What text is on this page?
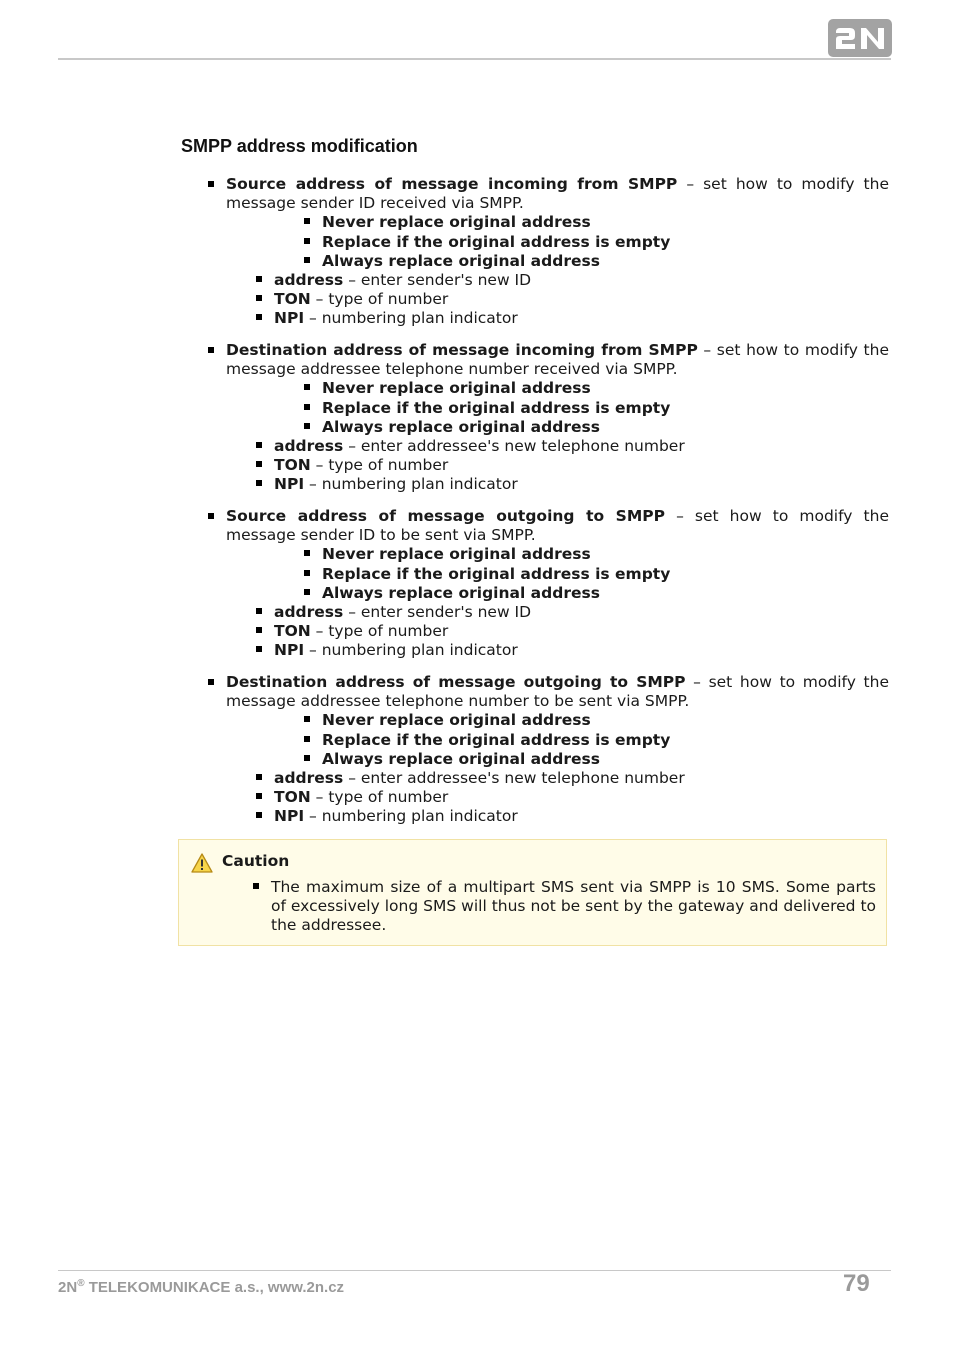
SMPP address modification
Source address of message incoming from SMPP – set how to modify the message sender ID received via SMPP.
Never replace original address
Replace if the original address is empty
Always replace original address
address – enter sender's new ID
TON – type of number
NPI – numbering plan indicator
Destination address of message incoming from SMPP – set how to modify the message addressee telephone number received via SMPP.
Never replace original address
Replace if the original address is empty
Always replace original address
address – enter addressee's new telephone number
TON – type of number
NPI – numbering plan indicator
Source address of message outgoing to SMPP – set how to modify the message sender ID to be sent via SMPP.
Never replace original address
Replace if the original address is empty
Always replace original address
address – enter sender's new ID
TON – type of number
NPI – numbering plan indicator
Destination address of message outgoing to SMPP – set how to modify the message addressee telephone number to be sent via SMPP.
Never replace original address
Replace if the original address is empty
Always replace original address
address – enter addressee's new telephone number
TON – type of number
NPI – numbering plan indicator
Caution
The maximum size of a multipart SMS sent via SMPP is 10 SMS. Some parts of excessively long SMS will thus not be sent by the gateway and delivered to the addressee.
2N® TELEKOMUNIKACE a.s., www.2n.cz	79
